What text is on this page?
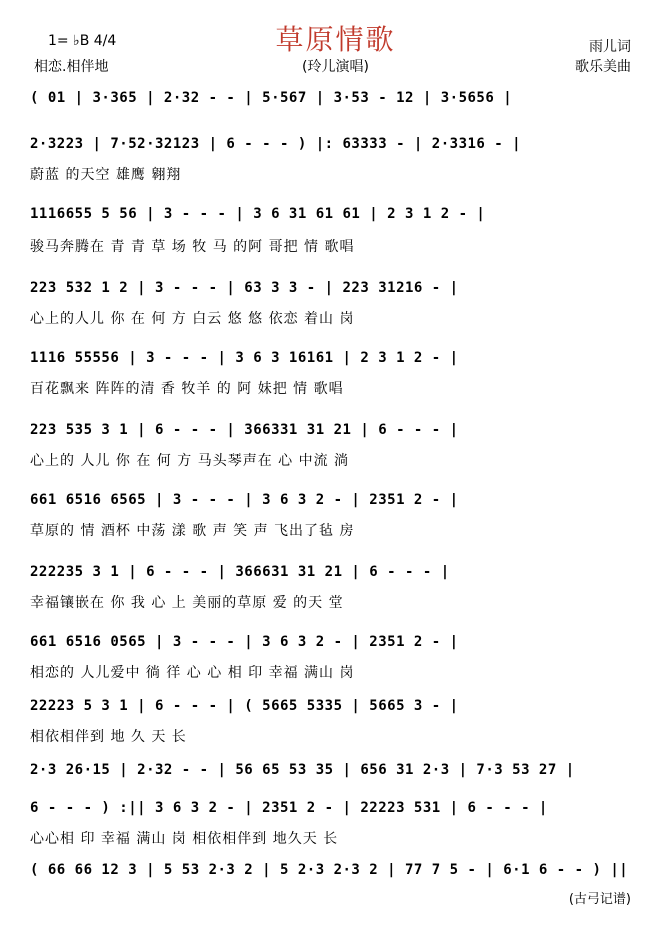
草原情歌
1= ♭B 4/4
相恋.相伴地	(玲儿演唱)
雨儿词
歌乐美曲
( 01 | 3·365 | 2·32 - - | 5·567 | 3·53 - 12 | 3·5656 |
2·3223 | 7·52·32123 | 6 - - - ) |: 63333 - | 2·3316 - |
蔚蓝 的天空 雄鹰 翱翔
1116655 5 56 | 3 - - - | 3 6 31 61 61 | 2 3 1 2 - |
骏马奔腾在 青 青 草 场 牧 马 的阿 哥把 情 歌唱
223 532 1 2 | 3 - - - | 63 3 3 - | 223 31216 - |
心上的人儿 你 在 何 方 白云 悠 悠 依恋 着山 岗
1116 55556 | 3 - - - | 3 6 3 16161 | 2 3 1 2 - |
百花飘来 阵阵的清 香 牧羊 的 阿 妹把 情 歌唱
223 535 3 1 | 6 - - - | 366331 31 21 | 6 - - - |
心上的 人儿 你 在 何 方 马头琴声在 心 中流 淌
661 6516 6565 | 3 - - - | 3 6 3 2 - | 2351 2 - |
草原的 情 酒杯 中荡 漾 歌 声 笑 声 飞出了毡 房
222235 3 1 | 6 - - - | 366631 31 21 | 6 - - - |
幸福镶嵌在 你 我 心 上 美丽的草原 爱 的天 堂
661 6516 0565 | 3 - - - | 3 6 3 2 - | 2351 2 - |
相恋的 人儿爱中 徜 徉 心 心 相 印 幸福 满山 岗
22223 5 3 1 | 6 - - - | ( 5665 5335 | 5665 3 - |
相依相伴到 地 久 天 长
2·3 26·15 | 2·32 - - | 56 65 53 35 | 656 31 2·3 | 7·3 53 27 |
6 - - - ) :|| 3 6 3 2 - | 2351 2 - | 22223 531 | 6 - - - |
心心相 印 幸福 满山 岗 相依相伴到 地久天 长
( 66 66 12 3 | 5 53 2·3 2 | 5 2·3 2·3 2 | 77 7 5 - | 6·1 6 - - ) ||
(古弓记谱)
